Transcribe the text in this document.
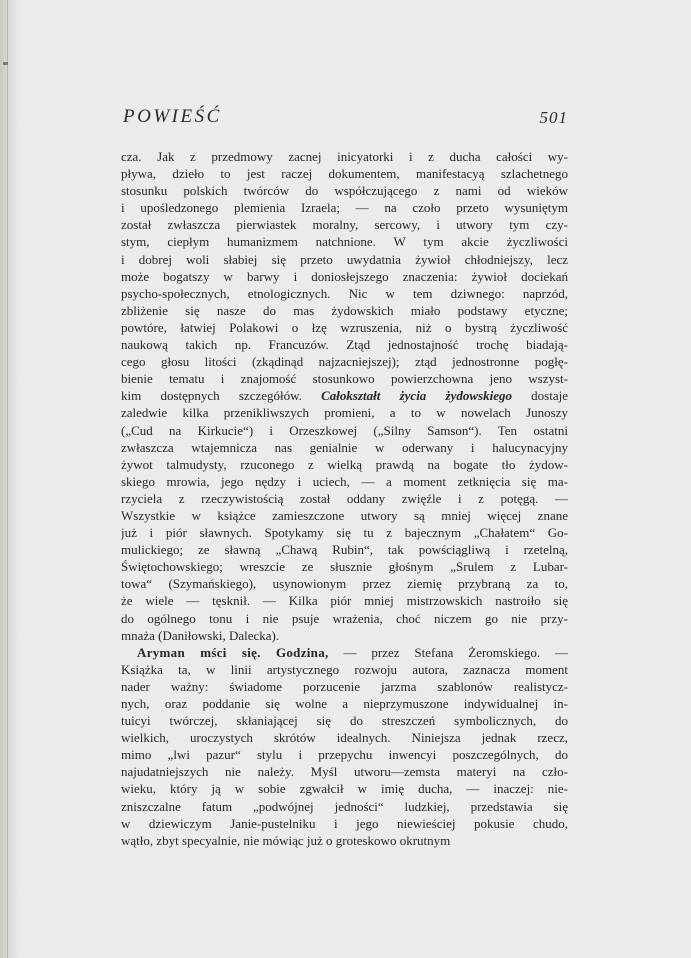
POWIEŚĆ	501
cza. Jak z przedmowy zacnej inicyatorki i z ducha całości wy-
pływa, dzieło to jest raczej dokumentem, manifestacyą szlachetnego
stosunku polskich twórców do współczującego z nami od wieków
i upośledzonego plemienia Izraela; — na czoło przeto wysuniętym
został zwłaszcza pierwiastek moralny, sercowy, i utwory tym czy-
stym, ciepłym humanizmem natchnione. W tym akcie życzliwości
i dobrej woli słabiej się przeto uwydatnia żywioł chłodniejszy, lecz
może bogatszy w barwy i doniosłejszego znaczenia: żywioł dociekań
psycho-społecznych, etnologicznych. Nic w tem dziwnego: naprzód,
zbliżenie się nasze do mas żydowskich miało podstawy etyczne;
powtóre, łatwiej Polakowi o łzę wzruszenia, niż o bystrą życzliwość
naukową takich np. Francuzów. Ztąd jednostajność trochę biadają-
cego głosu litości (zkądinąd najzacniejszej); ztąd jednostronne pogłę-
bienie tematu i znajomość stosunkowo powierzchowna jeno wszyst-
kim dostępnych szczegółów. Całokształt życia żydowskiego dostaje
zaledwie kilka przenikliwszych promieni, a to w nowelach Junoszy
(„Cud na Kirkucie“) i Orzeszkowej („Silny Samson“). Ten ostatni
zwłaszcza wtajemnicza nas genialnie w oderwany i halucynacyjny
żywot talmudysty, rzuconego z wielką prawdą na bogate tło żydow-
skiego mrowia, jego nędzy i uciech, — a moment zetknięcia się ma-
rzyciela z rzeczywistością został oddany zwięźle i z potęgą. —
Wszystkie w książce zamieszczone utwory są mniej więcej znane
już i piór sławnych. Spotykamy się tu z bajecznym „Chałatem“ Go-
mulickiego; ze sławną „Chawą Rubin“, tak powściągliwą i rzetelną,
Świętochowskiego; wreszcie ze słusznie głośnym „Srulem z Lubar-
towa“ (Szymańskiego), usynowionym przez ziemię przybraną za to,
że wiele — tęsknił. — Kilka piór mniej mistrzowskich nastroiło się
do ogólnego tonu i nie psuje wrażenia, choć niczem go nie przy-
mnaża (Daniłowski, Dalecka).
Aryman mści się. Godzina, — przez Stefana Żeromskiego. —
Książka ta, w linii artystycznego rozwoju autora, zaznacza moment
nader ważny: świadome porzucenie jarzma szablonów realistycz-
nych, oraz poddanie się wolne a nieprzymuszone indywidualnej in-
tuicyi twórczej, skłaniającej się do streszczeń symbolicznych, do
wielkich, uroczystych skrótów idealnych. Niniejsza jednak rzecz,
mimo „lwi pazur“ stylu i przepychu inwencyi poszczególnych, do
najudatniejszych nie należy. Myśl utworu—zemsta materyi na czło-
wieku, który ją w sobie zgwałcił w imię ducha, — inaczej: nie-
zniszczalne fatum „podwójnej jedności“ ludzkiej, przedstawia się
w dziewiczym Janie-pustelniku i jego niewieściej pokusie chudo,
wątło, zbyt specyalnie, nie mówiąc już o groteskowo okrutnym
